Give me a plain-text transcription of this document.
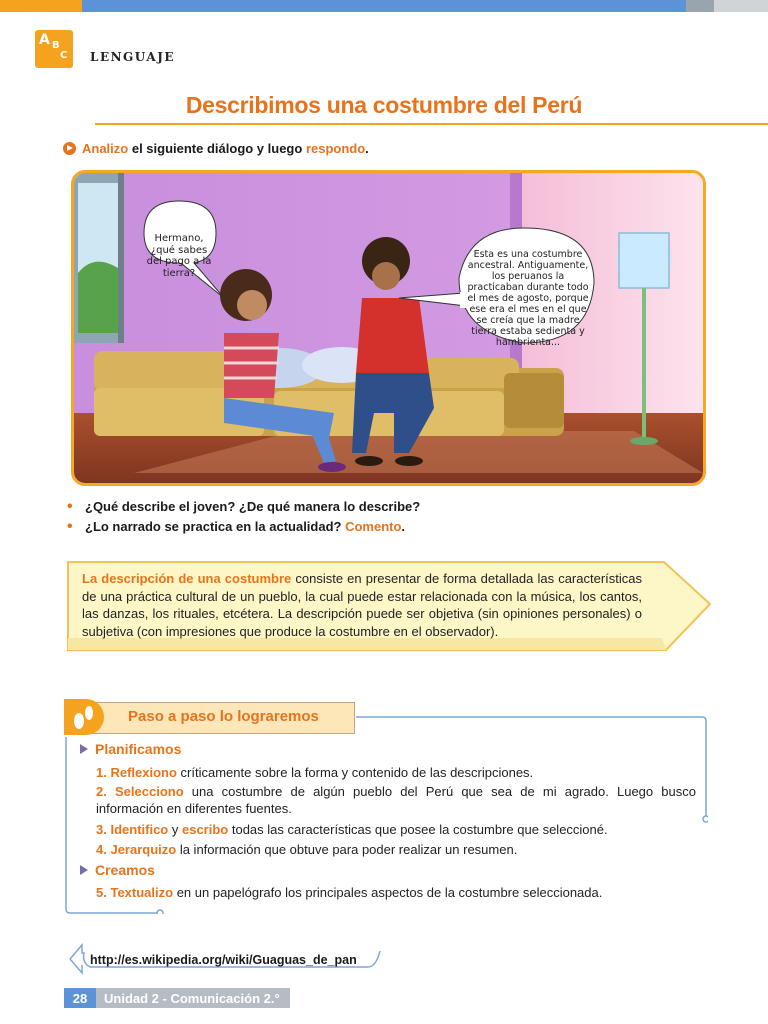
A B
C LENGUAJE
Describimos una costumbre del Perú
Analizo el siguiente diálogo y luego respondo.
Hermano, ¿qué sabes del pago a la tierra?
Esta es una costumbre ancestral. Antiguamente, los peruanos la practicaban durante todo el mes de agosto, porque ese era el mes en el que se creía que la madre tierra estaba sedienta y hambrienta...
• ¿Qué describe el joven? ¿De qué manera lo describe?
• ¿Lo narrado se practica en la actualidad? Comento.
La descripción de una costumbre consiste en presentar de forma detallada las características de una práctica cultural de un pueblo, la cual puede estar relacionada con la música, los cantos, las danzas, los rituales, etcétera. La descripción puede ser objetiva (sin opiniones personales) o subjetiva (con impresiones que produce la costumbre en el observador).
Paso a paso lo lograremos
Planificamos
1. Reflexiono críticamente sobre la forma y contenido de las descripciones.
2. Selecciono una costumbre de algún pueblo del Perú que sea de mi agrado. Luego busco información en diferentes fuentes.
3. Identifico y escribo todas las características que posee la costumbre que seleccioné.
4. Jerarquizo la información que obtuve para poder realizar un resumen.
Creamos
5. Textualizo en un papelógrafo los principales aspectos de la costumbre seleccionada.
http://es.wikipedia.org/wiki/Guaguas_de_pan
28	Unidad 2 - Comunicación 2.°
